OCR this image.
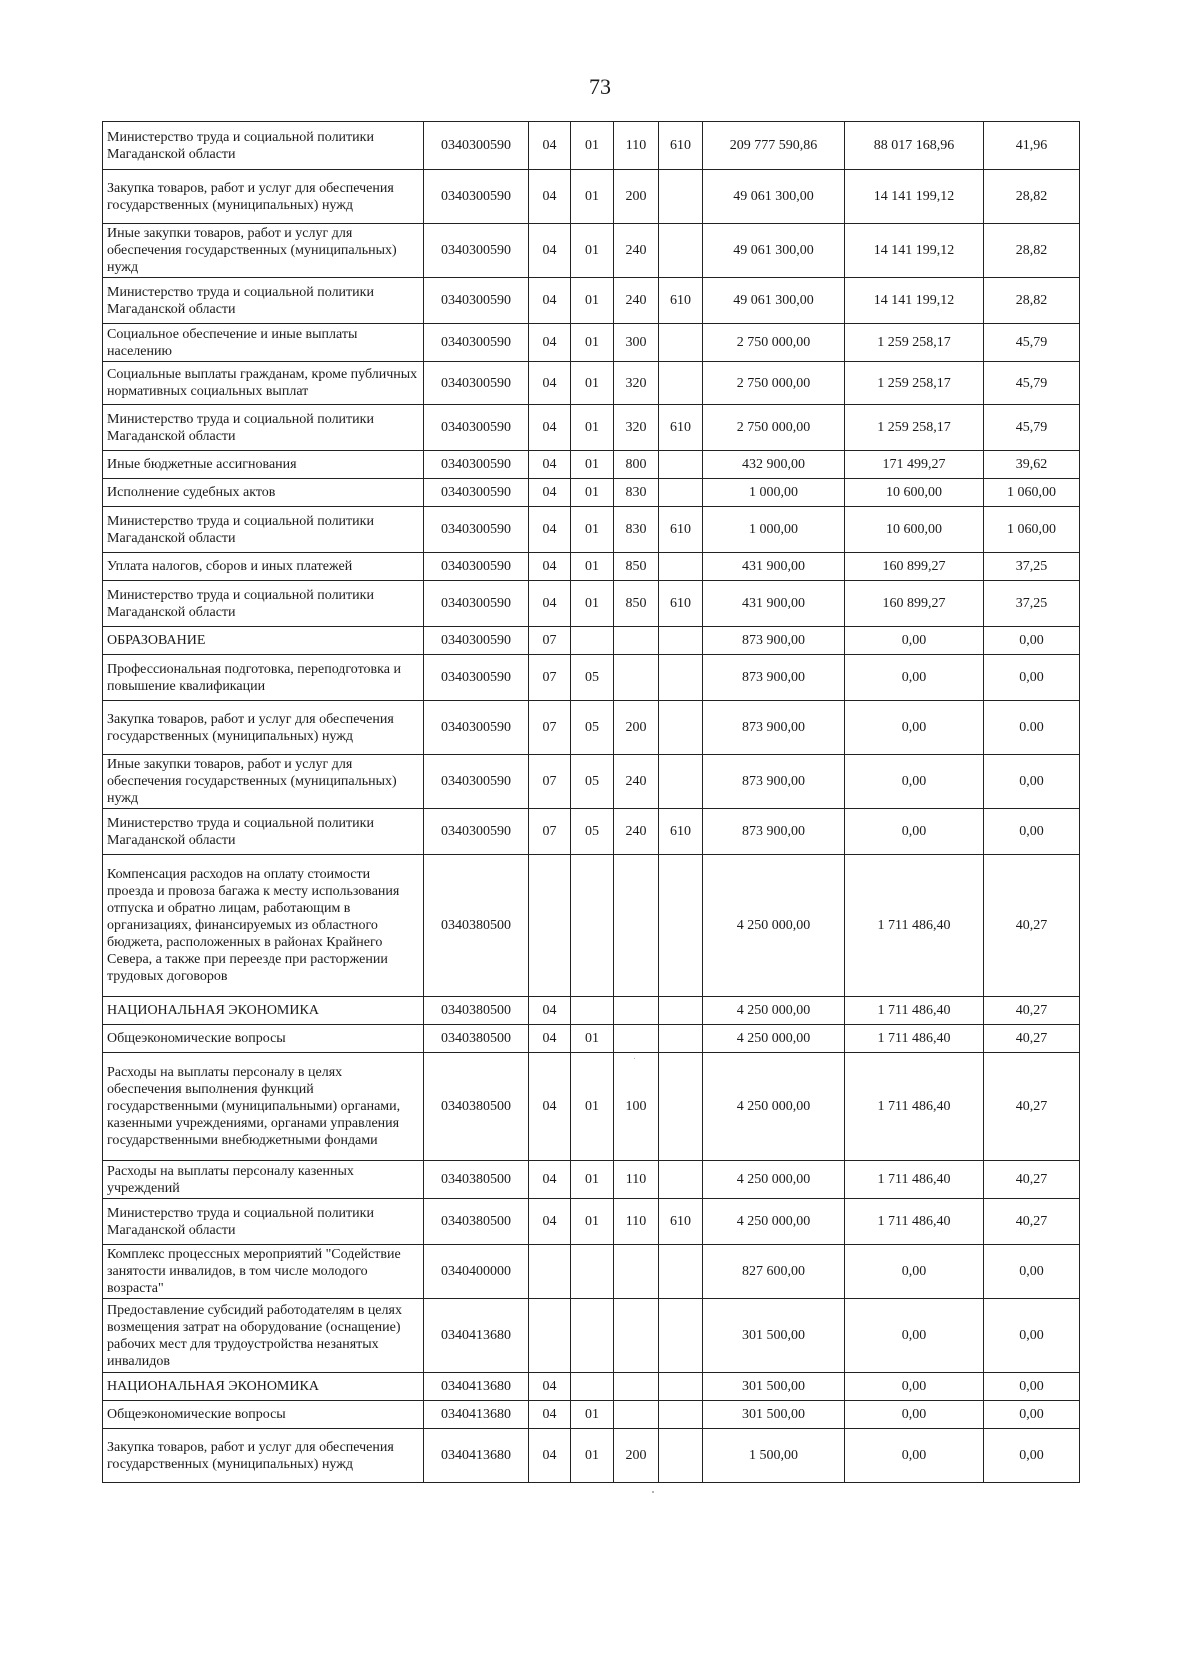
73
Министерство труда и социальной политики Магаданской области	0340300590	04	01	110	610	209 777 590,86	88 017 168,96	41,96
Закупка товаров, работ и услуг для обеспечения государственных (муниципальных) нужд	0340300590	04	01	200		49 061 300,00	14 141 199,12	28,82
Иные закупки товаров, работ и услуг для обеспечения государственных (муниципальных) нужд	0340300590	04	01	240		49 061 300,00	14 141 199,12	28,82
Министерство труда и социальной политики Магаданской области	0340300590	04	01	240	610	49 061 300,00	14 141 199,12	28,82
Социальное обеспечение и иные выплаты населению	0340300590	04	01	300		2 750 000,00	1 259 258,17	45,79
Социальные выплаты гражданам, кроме публичных нормативных социальных выплат	0340300590	04	01	320		2 750 000,00	1 259 258,17	45,79
Министерство труда и социальной политики Магаданской области	0340300590	04	01	320	610	2 750 000,00	1 259 258,17	45,79
Иные бюджетные ассигнования	0340300590	04	01	800		432 900,00	171 499,27	39,62
Исполнение судебных актов	0340300590	04	01	830		1 000,00	10 600,00	1 060,00
Министерство труда и социальной политики Магаданской области	0340300590	04	01	830	610	1 000,00	10 600,00	1 060,00
Уплата налогов, сборов и иных платежей	0340300590	04	01	850		431 900,00	160 899,27	37,25
Министерство труда и социальной политики Магаданской области	0340300590	04	01	850	610	431 900,00	160 899,27	37,25
ОБРАЗОВАНИЕ	0340300590	07				873 900,00	0,00	0,00
Профессиональная подготовка, переподготовка и повышение квалификации	0340300590	07	05			873 900,00	0,00	0,00
Закупка товаров, работ и услуг для обеспечения государственных (муниципальных) нужд	0340300590	07	05	200		873 900,00	0,00	0.00
Иные закупки товаров, работ и услуг для обеспечения государственных (муниципальных) нужд	0340300590	07	05	240		873 900,00	0,00	0,00
Министерство труда и социальной политики Магаданской области	0340300590	07	05	240	610	873 900,00	0,00	0,00
Компенсация расходов на оплату стоимости проезда и провоза багажа к месту использования отпуска и обратно лицам, работающим в организациях, финансируемых из областного бюджета, расположенных в районах Крайнего Севера, а также при переезде при расторжении трудовых договоров	0340380500					4 250 000,00	1 711 486,40	40,27
НАЦИОНАЛЬНАЯ ЭКОНОМИКА	0340380500	04				4 250 000,00	1 711 486,40	40,27
Общеэкономические вопросы	0340380500	04	01			4 250 000,00	1 711 486,40	40,27
Расходы на выплаты персоналу в целях обеспечения выполнения функций государственными (муниципальными) органами, казенными учреждениями, органами управления государственными внебюджетными фондами	0340380500	04	01	100		4 250 000,00	1 711 486,40	40,27
Расходы на выплаты персоналу казенных учреждений	0340380500	04	01	110		4 250 000,00	1 711 486,40	40,27
Министерство труда и социальной политики Магаданской области	0340380500	04	01	110	610	4 250 000,00	1 711 486,40	40,27
Комплекс процессных мероприятий "Содействие занятости инвалидов, в том числе молодого возраста"	0340400000					827 600,00	0,00	0,00
Предоставление субсидий работодателям в целях возмещения затрат на оборудование (оснащение) рабочих мест для трудоустройства незанятых инвалидов	0340413680					301 500,00	0,00	0,00
НАЦИОНАЛЬНАЯ ЭКОНОМИКА	0340413680	04				301 500,00	0,00	0,00
Общеэкономические вопросы	0340413680	04	01			301 500,00	0,00	0,00
Закупка товаров, работ и услуг для обеспечения государственных (муниципальных) нужд	0340413680	04	01	200		1 500,00	0,00	0,00
